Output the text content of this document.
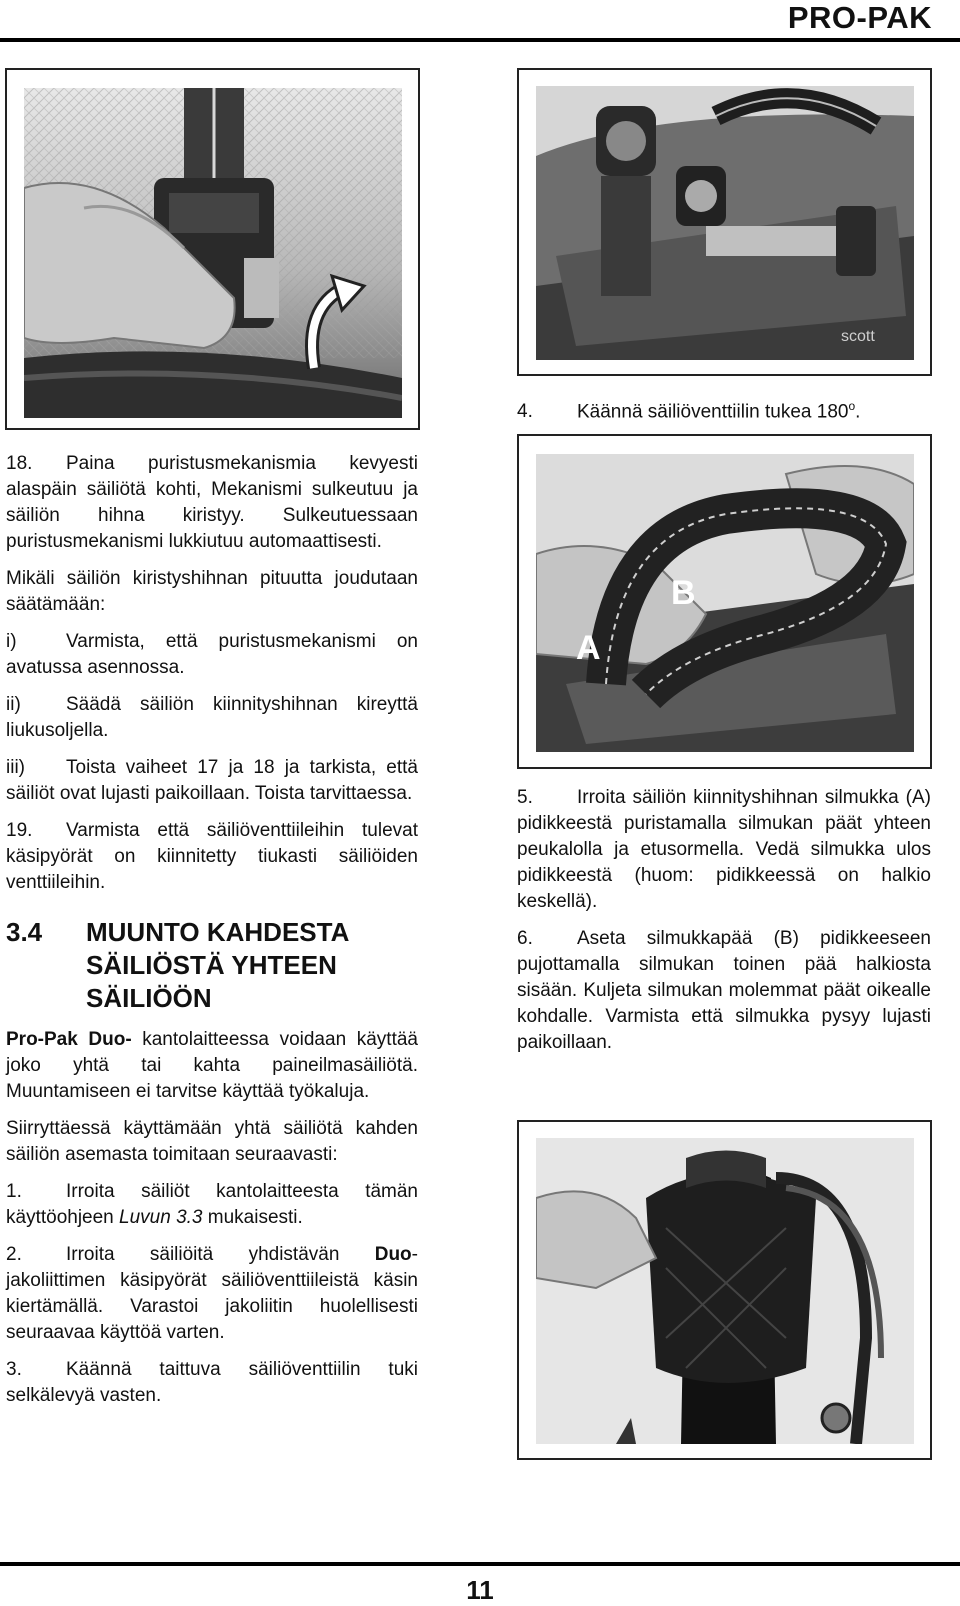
PRO-PAK
scott
4. Käännä säiliöventtiilin tukea 180$^o$.
A
B

5. Irroita säiliön kiinnityshihnan silmukka (A) pidikkeestä puristamalla silmukan päät yhteen peukalolla ja etusormella. Vedä silmukka ulos pidikkeestä (huom: pidikkeessä on halkio keskellä).

6. Aseta silmukkapää (B) pidikkeeseen pujottamalla silmukan toinen pää halkiosta sisään. Kuljeta silmukan molemmat päät oikealle kohdalle. Varmista että silmukka pysyy lujasti paikoillaan.

18. Paina puristusmekanismia kevyesti alaspäin säiliötä kohti, Mekanismi sulkeutuu ja säiliön hihna kiristyy. Sulkeutuessaan puristusmekanismi lukkiutuu automaattisesti.

Mikäli säiliön kiristyshihnan pituutta joudutaan säätämään:

i)	Varmista, että puristusmekanismi on avatussa asennossa.

ii) Säädä säiliön kiinnityshihnan kireyttä liukusoljella.

iii) Toista vaiheet 17 ja 18 ja tarkista, että säiliöt ovat lujasti paikoillaan. Toista tarvittaessa.

19. Varmista että säiliöventtiileihin tulevat käsipyörät on kiinnitetty tiukasti säiliöiden venttiileihin.

3.4	MUUNTO KAHDESTA SÄILIÖSTÄ YHTEEN SÄILIÖÖN

Pro-Pak Duo- kantolaitteessa voidaan käyttää joko yhtä tai kahta paineilmasäiliötä. Muuntamiseen ei tarvitse käyttää työkaluja.

Siirryttäessä käyttämään yhtä säiliötä kahden säiliön asemasta toimitaan seuraavasti:

1. Irroita säiliöt kantolaitteesta tämän käyttöohjeen Luvun 3.3 mukaisesti.

2. Irroita säiliöitä yhdistävän Duo-jakoliittimen käsipyörät säiliöventtiileistä käsin kiertämällä. Varastoi jakoliitin huolellisesti seuraavaa käyttöä varten.

3. Käännä taittuva säiliöventtiilin tuki selkälevyä vasten.

11
